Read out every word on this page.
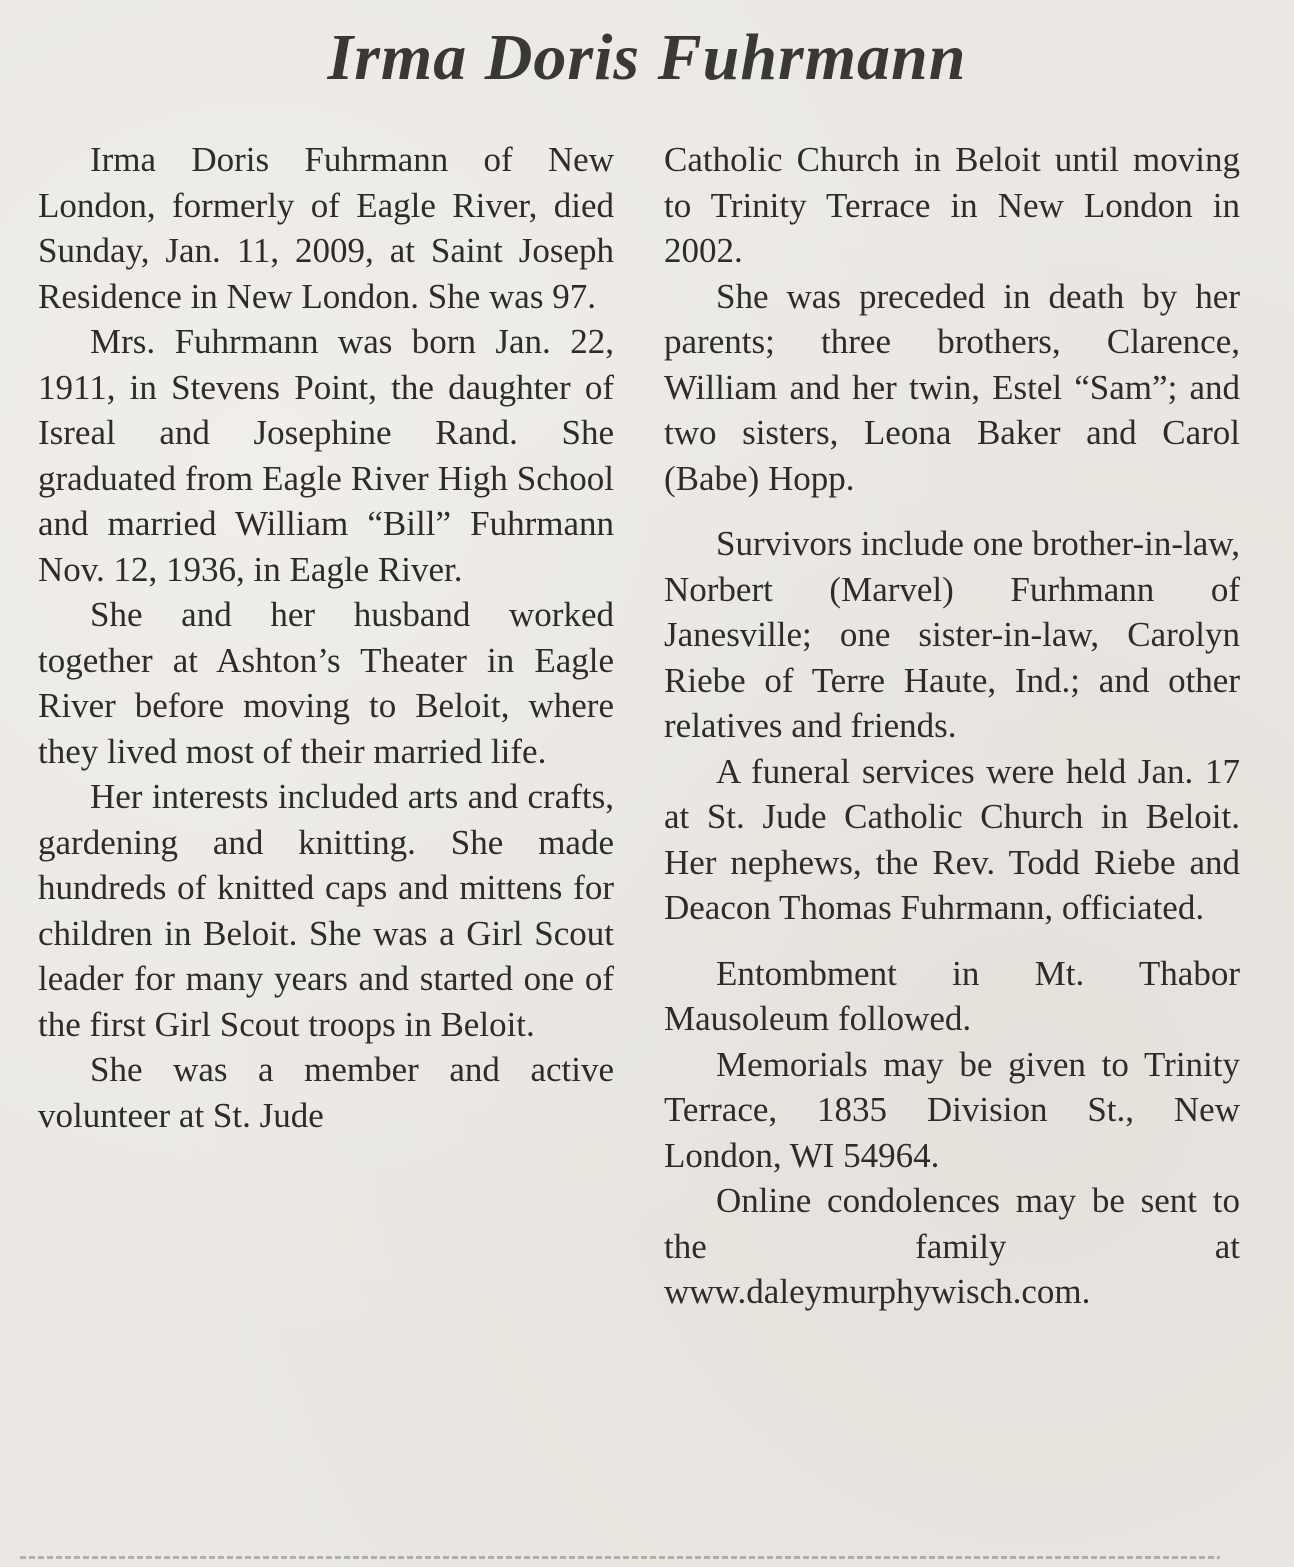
Irma Doris Fuhrmann

Irma Doris Fuhrmann of New London, formerly of Eagle River, died Sunday, Jan. 11, 2009, at Saint Joseph Residence in New London. She was 97.

Mrs. Fuhrmann was born Jan. 22, 1911, in Stevens Point, the daughter of Isreal and Josephine Rand. She graduated from Eagle River High School and married William “Bill” Fuhrmann Nov. 12, 1936, in Eagle River.

She and her husband worked together at Ashton’s Theater in Eagle River before moving to Beloit, where they lived most of their married life.

Her interests included arts and crafts, gardening and knitting. She made hundreds of knitted caps and mittens for children in Beloit. She was a Girl Scout leader for many years and started one of the first Girl Scout troops in Beloit.

She was a member and active volunteer at St. Jude

Catholic Church in Beloit until moving to Trinity Terrace in New London in 2002.

She was preceded in death by her parents; three brothers, Clarence, William and her twin, Estel “Sam”; and two sisters, Leona Baker and Carol (Babe) Hopp.

Survivors include one brother-in-law, Norbert (Marvel) Furhmann of Janesville; one sister-in-law, Carolyn Riebe of Terre Haute, Ind.; and other relatives and friends.

A funeral services were held Jan. 17 at St. Jude Catholic Church in Beloit. Her nephews, the Rev. Todd Riebe and Deacon Thomas Fuhrmann, officiated.

Entombment in Mt. Thabor Mausoleum followed.

Memorials may be given to Trinity Terrace, 1835 Division St., New London, WI 54964.

Online condolences may be sent to the family at www.daleymurphywisch.com.
